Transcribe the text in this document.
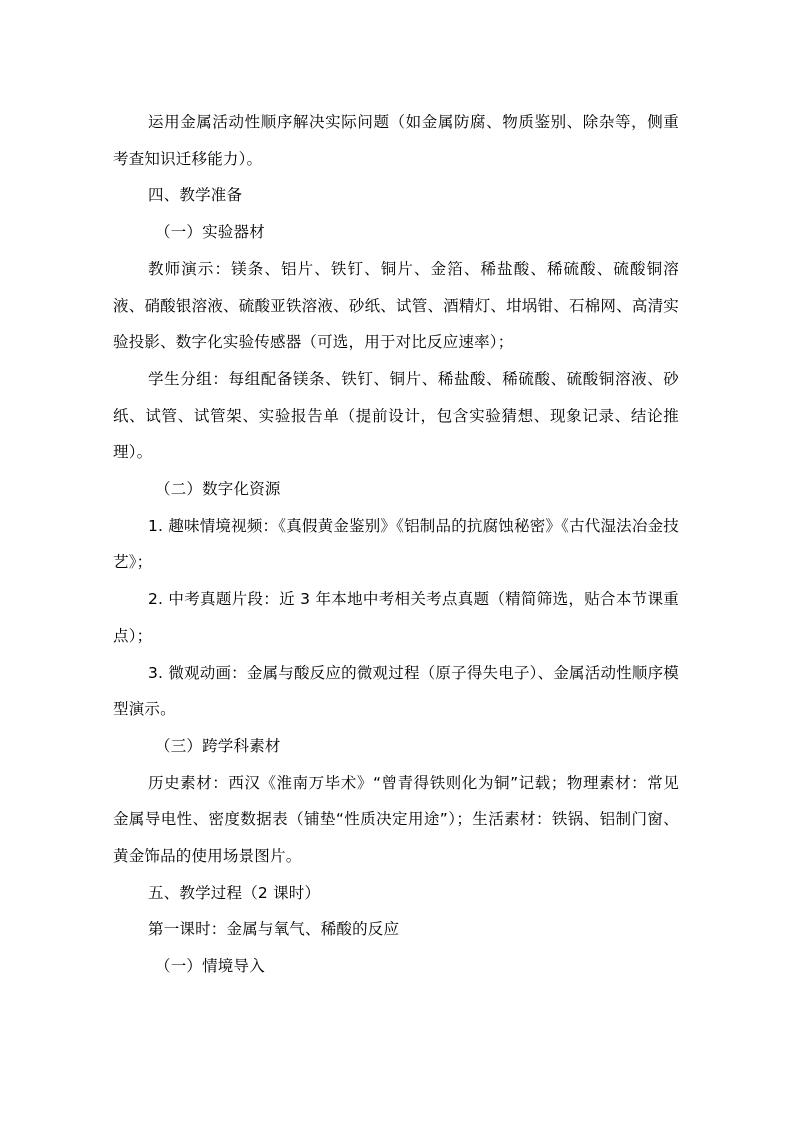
运用金属活动性顺序解决实际问题（如金属防腐、物质鉴别、除杂等，侧重考查知识迁移能力）。

四、教学准备

（一）实验器材

教师演示：镁条、铝片、铁钉、铜片、金箔、稀盐酸、稀硫酸、硫酸铜溶液、硝酸银溶液、硫酸亚铁溶液、砂纸、试管、酒精灯、坩埚钳、石棉网、高清实验投影、数字化实验传感器（可选，用于对比反应速率）；

学生分组：每组配备镁条、铁钉、铜片、稀盐酸、稀硫酸、硫酸铜溶液、砂纸、试管、试管架、实验报告单（提前设计，包含实验猜想、现象记录、结论推理）。

（二）数字化资源

1. 趣味情境视频：《真假黄金鉴别》《铝制品的抗腐蚀秘密》《古代湿法冶金技艺》；

2. 中考真题片段：近 3 年本地中考相关考点真题（精简筛选，贴合本节课重点）；

3. 微观动画：金属与酸反应的微观过程（原子得失电子）、金属活动性顺序模型演示。

（三）跨学科素材

历史素材：西汉《淮南万毕术》“曾青得铁则化为铜”记载；物理素材：常见金属导电性、密度数据表（铺垫“性质决定用途”）；生活素材：铁锅、铝制门窗、黄金饰品的使用场景图片。

五、教学过程（2 课时）

第一课时：金属与氧气、稀酸的反应

（一）情境导入
